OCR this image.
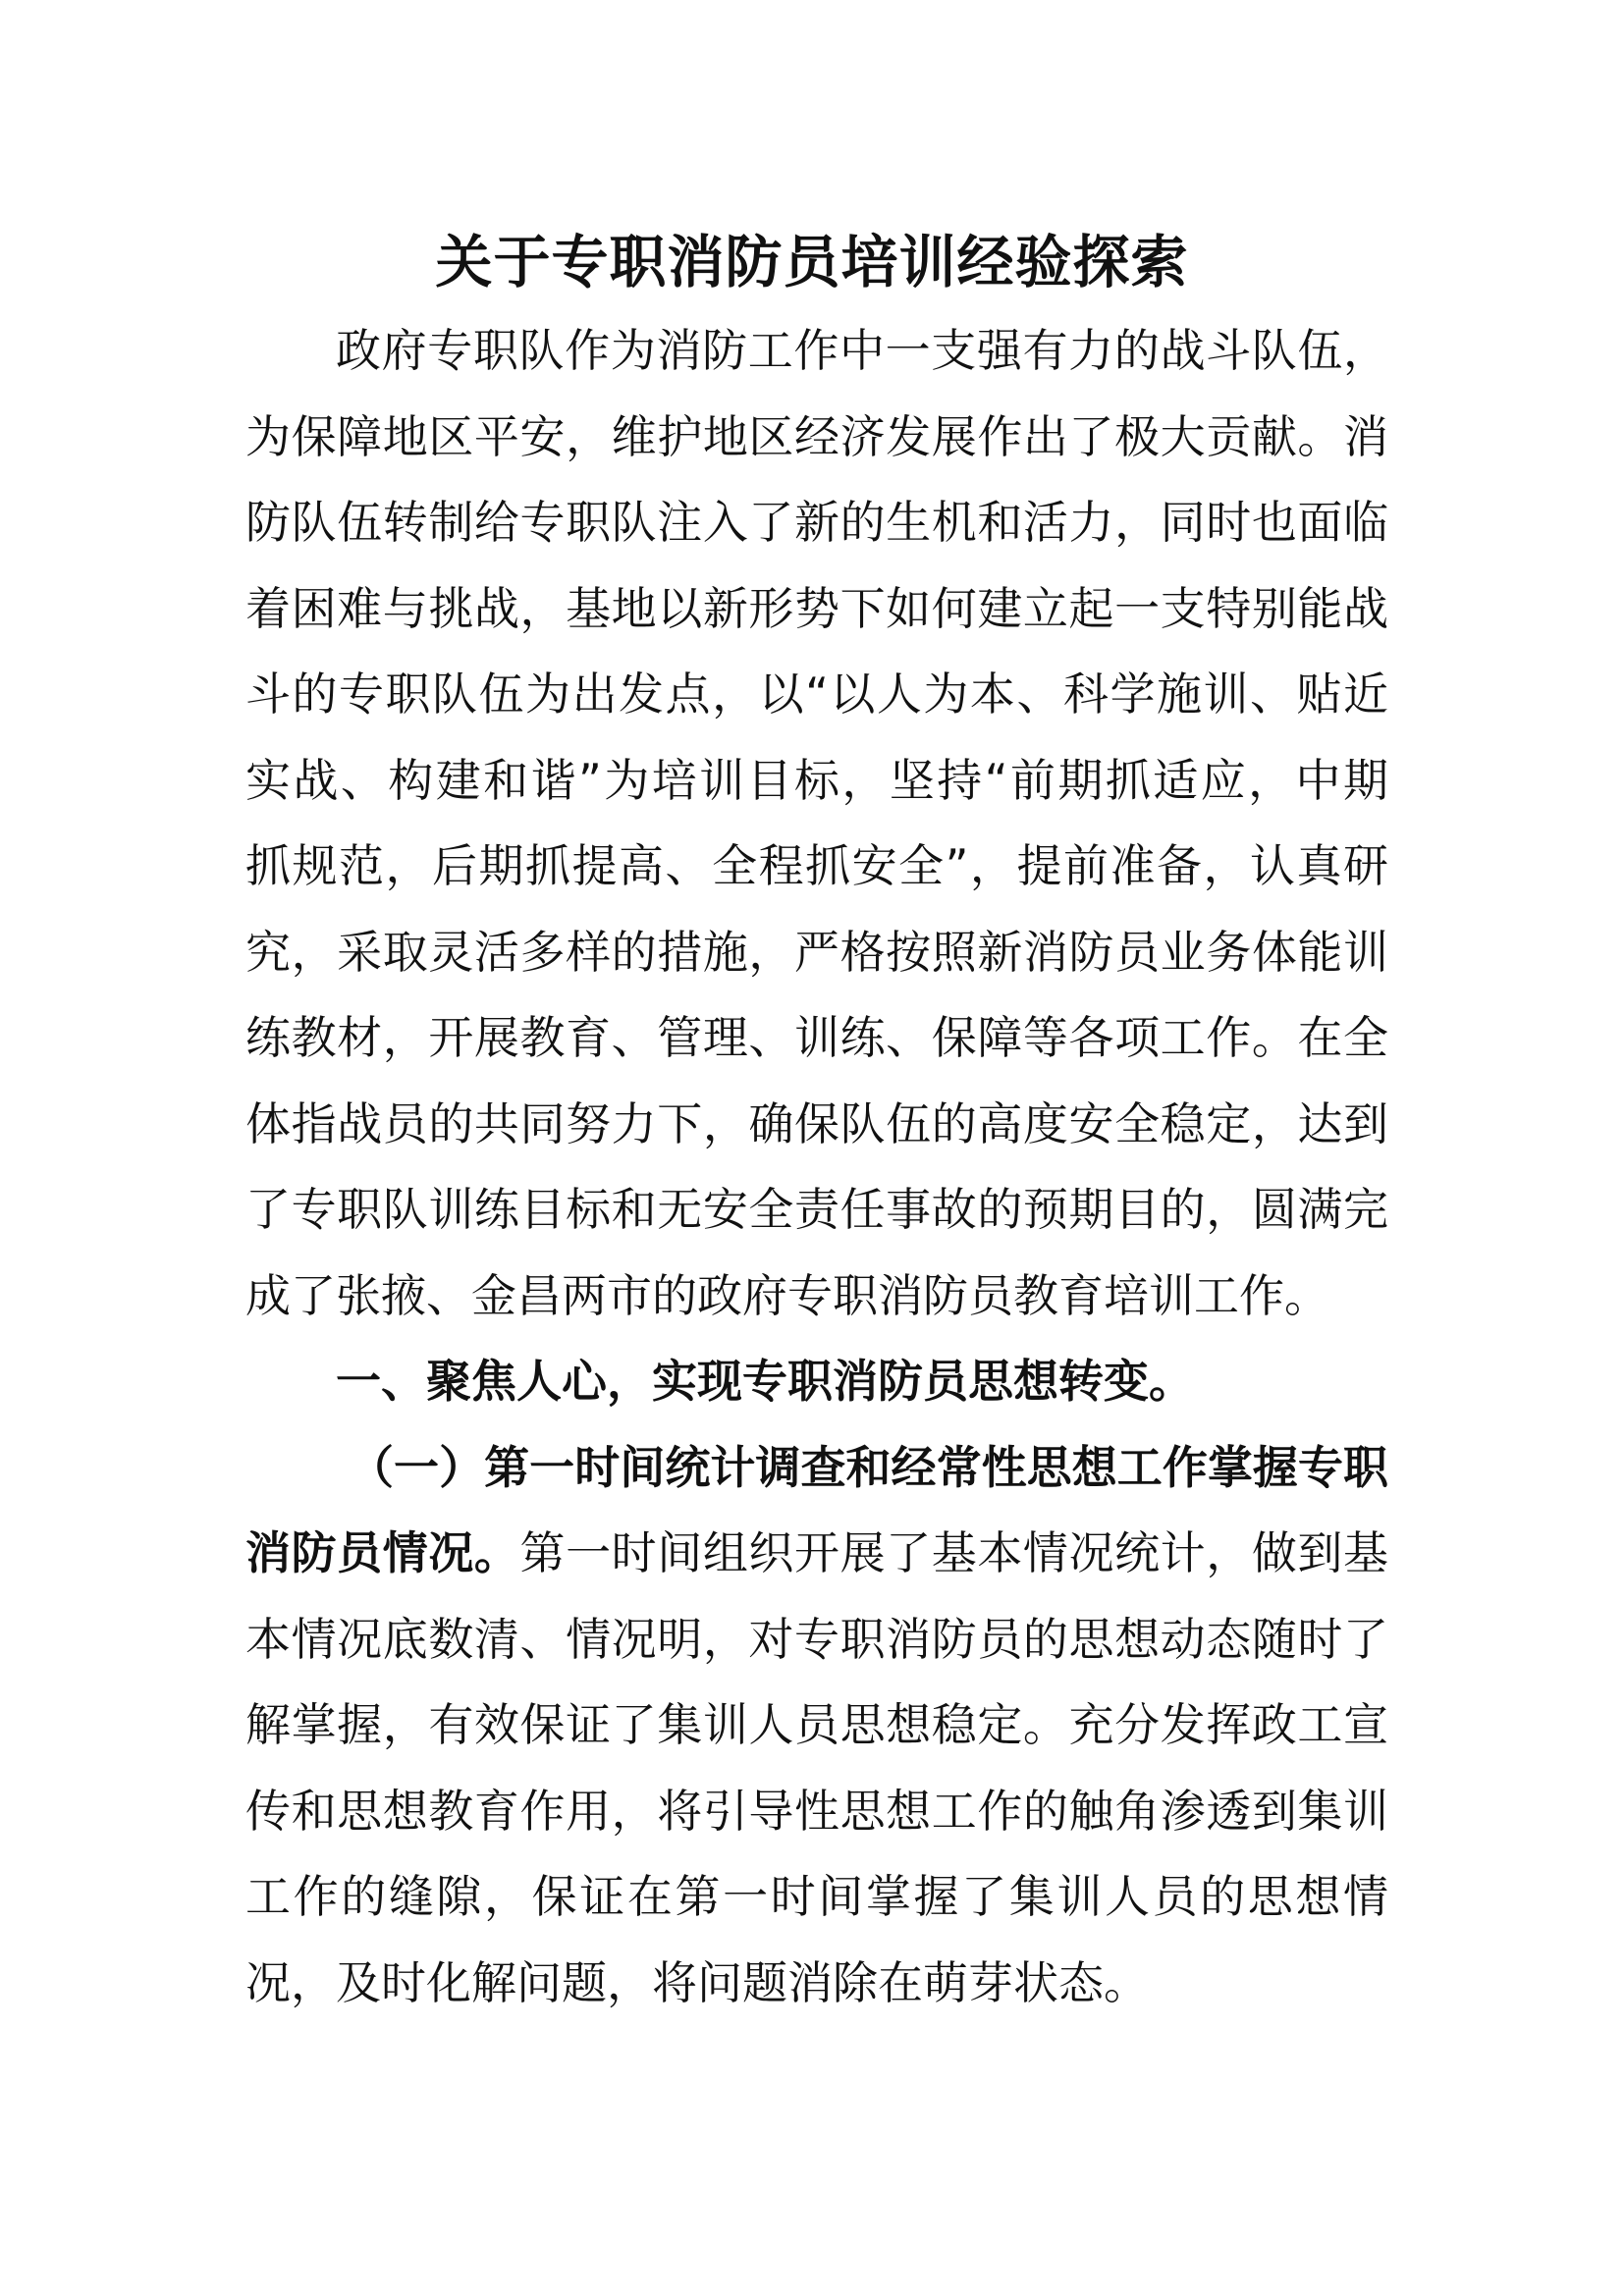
关于专职消防员培训经验探索
政府专职队作为消防工作中一支强有力的战斗队伍，
为保障地区平安，维护地区经济发展作出了极大贡献。消
防队伍转制给专职队注入了新的生机和活力，同时也面临
着困难与挑战，基地以新形势下如何建立起一支特别能战
斗的专职队伍为出发点，以“以人为本、科学施训、贴近
实战、构建和谐”为培训目标，坚持“前期抓适应，中期
抓规范，后期抓提高、全程抓安全”，提前准备，认真研
究，采取灵活多样的措施，严格按照新消防员业务体能训
练教材，开展教育、管理、训练、保障等各项工作。在全
体指战员的共同努力下，确保队伍的高度安全稳定，达到
了专职队训练目标和无安全责任事故的预期目的，圆满完
成了张掖、金昌两市的政府专职消防员教育培训工作。
一、聚焦人心，实现专职消防员思想转变。
（一）第一时间统计调查和经常性思想工作掌握专职
消防员情况。第一时间组织开展了基本情况统计，做到基
本情况底数清、情况明，对专职消防员的思想动态随时了
解掌握，有效保证了集训人员思想稳定。充分发挥政工宣
传和思想教育作用，将引导性思想工作的触角渗透到集训
工作的缝隙，保证在第一时间掌握了集训人员的思想情
况，及时化解问题，将问题消除在萌芽状态。
